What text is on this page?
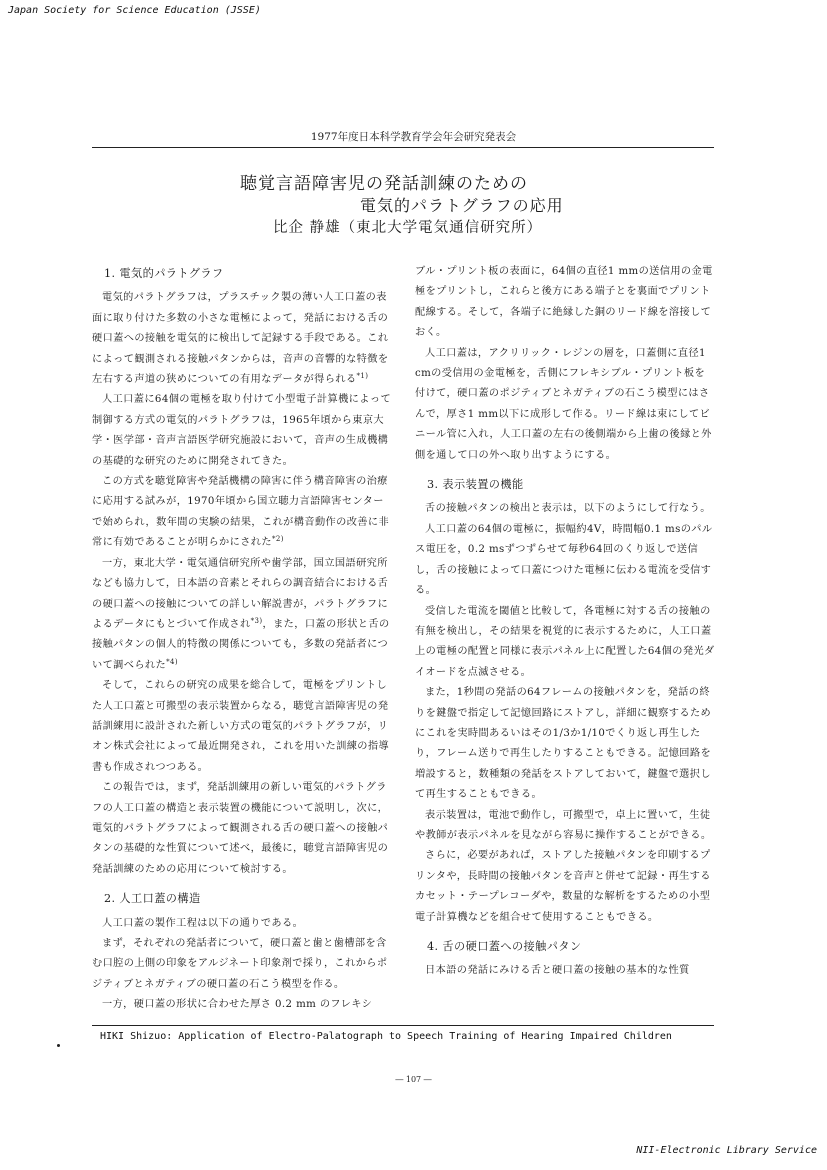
Japan Society for Science Education (JSSE)
1977年度日本科学教育学会年会研究発表会
聴覚言語障害児の発話訓練のための
電気的パラトグラフの応用
比企 静雄（東北大学電気通信研究所）
1. 電気的パラトグラフ

電気的パラトグラフは，プラスチック製の薄い人工口蓋の表面に取り付けた多数の小さな電極によって，発話における舌の硬口蓋への接触を電気的に検出して記録する手段である。これによって観測される接触パタンからは，音声の音響的な特徴を左右する声道の狭めについての有用なデータが得られる$^{*1)}$

人工口蓋に64個の電極を取り付けて小型電子計算機によって制御する方式の電気的パラトグラフは，1965年頃から東京大学・医学部・音声言語医学研究施設において，音声の生成機構の基礎的な研究のために開発されてきた。

この方式を聴覚障害や発話機構の障害に伴う構音障害の治療に応用する試みが，1970年頃から国立聴力言語障害センターで始められ，数年間の実験の結果，これが構音動作の改善に非常に有効であることが明らかにされた$^{*2)}$

一方，東北大学・電気通信研究所や歯学部，国立国語研究所なども協力して，日本語の音素とそれらの調音結合における舌の硬口蓋への接触についての詳しい解説書が，パラトグラフによるデータにもとづいて作成され$^{*3)}$，また，口蓋の形状と舌の接触パタンの個人的特徴の関係についても，多数の発話者について調べられた$^{*4)}$

そして，これらの研究の成果を総合して，電極をプリントした人工口蓋と可搬型の表示装置からなる，聴覚言語障害児の発話訓練用に設計された新しい方式の電気的パラトグラフが，リオン株式会社によって最近開発され，これを用いた訓練の指導書も作成されつつある。

この報告では，まず，発話訓練用の新しい電気的パラトグラフの人工口蓋の構造と表示装置の機能について説明し，次に，電気的パラトグラフによって観測される舌の硬口蓋への接触パタンの基礎的な性質について述べ，最後に，聴覚言語障害児の発話訓練のための応用について検討する。

2. 人工口蓋の構造

人工口蓋の製作工程は以下の通りである。

まず，それぞれの発話者について，硬口蓋と歯と歯槽部を含む口腔の上側の印象をアルジネート印象剤で採り，これからポジティブとネガティブの硬口蓋の石こう模型を作る。

一方，硬口蓋の形状に合わせた厚さ 0.2 mm のフレキシ

ブル・プリント板の表面に，64個の直径1 mmの送信用の金電極をプリントし，これらと後方にある端子とを裏面でプリント配線する。そして，各端子に絶縁した銅のリード線を溶接しておく。

人工口蓋は，アクリリック・レジンの層を，口蓋側に直径1 cmの受信用の金電極を，舌側にフレキシブル・プリント板を付けて，硬口蓋のポジティブとネガティブの石こう模型にはさんで，厚さ1 mm以下に成形して作る。リード線は束にしてビニール管に入れ，人工口蓋の左右の後側端から上歯の後縁と外側を通して口の外へ取り出すようにする。

3. 表示装置の機能

舌の接触パタンの検出と表示は，以下のようにして行なう。

人工口蓋の64個の電極に，振幅約4V，時間幅0.1 msのパルス電圧を，0.2 msずつずらせて毎秒64回のくり返しで送信し，舌の接触によって口蓋につけた電極に伝わる電流を受信する。

受信した電流を閾値と比較して，各電極に対する舌の接触の有無を検出し，その結果を視覚的に表示するために，人工口蓋上の電極の配置と同様に表示パネル上に配置した64個の発光ダイオードを点滅させる。

また，1秒間の発話の64フレームの接触パタンを，発話の終りを鍵盤で指定して記憶回路にストアし，詳細に観察するためにこれを実時間あるいはその1/3か1/10でくり返し再生したり，フレーム送りで再生したりすることもできる。記憶回路を増設すると，数種類の発話をストアしておいて，鍵盤で選択して再生することもできる。

表示装置は，電池で動作し，可搬型で，卓上に置いて，生徒や教師が表示パネルを見ながら容易に操作することができる。

さらに，必要があれば，ストアした接触パタンを印刷するプリンタや，長時間の接触パタンを音声と併せて記録・再生するカセット・テープレコーダや，数量的な解析をするための小型電子計算機などを組合せて使用することもできる。

4. 舌の硬口蓋への接触パタン

日本語の発話にみける舌と硬口蓋の接触の基本的な性質

HIKI Shizuo: Application of Electro-Palatograph to Speech Training of Hearing Impaired Children
― 107 ―
NII-Electronic Library Service
